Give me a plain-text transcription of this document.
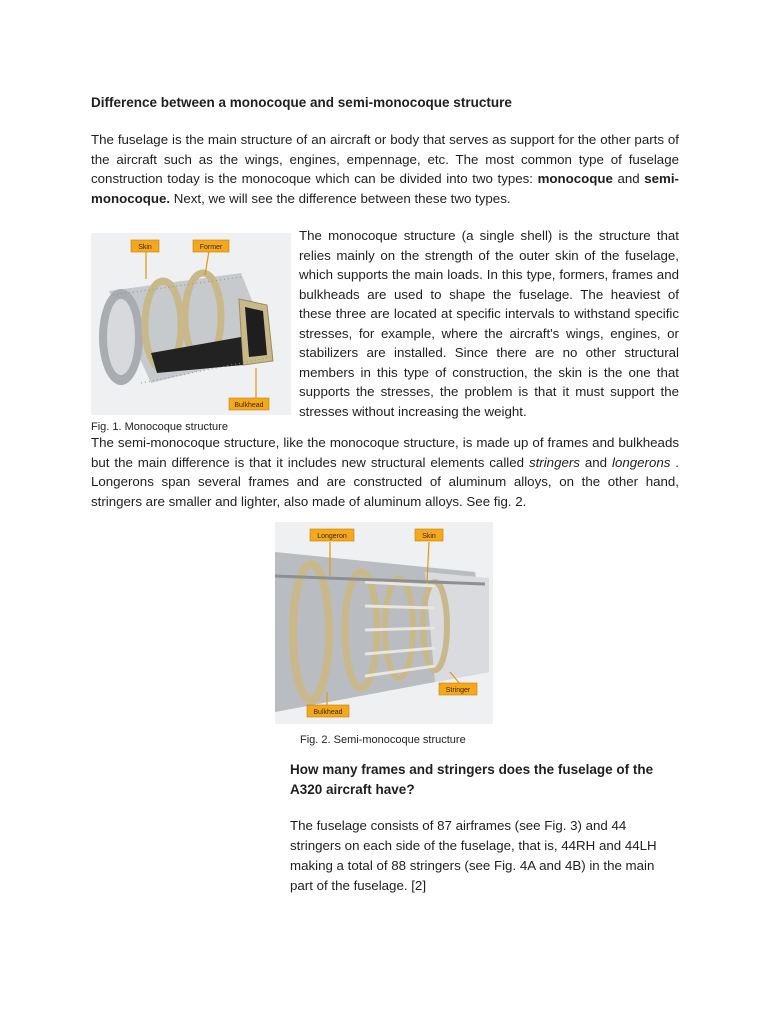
Difference between a monocoque and semi-monocoque structure

The fuselage is the main structure of an aircraft or body that serves as support for the other parts of the aircraft such as the wings, engines, empennage, etc. The most common type of fuselage construction today is the monocoque which can be divided into two types: monocoque and semi-monocoque. Next, we will see the difference between these two types.

Skin	Former
Bulkhead

The monocoque structure (a single shell) is the structure that relies mainly on the strength of the outer skin of the fuselage, which supports the main loads. In this type, formers, frames and bulkheads are used to shape the fuselage. The heaviest of these three are located at specific intervals to withstand specific stresses, for example, where the aircraft's wings, engines, or stabilizers are installed. Since there are no other structural members in this type of construction, the skin is the one that supports the stresses, the problem is that it must support the stresses without increasing the weight.

Fig. 1. Monocoque structure

The semi-monocoque structure, like the monocoque structure, is made up of frames and bulkheads but the main difference is that it includes new structural elements called stringers and longerons . Longerons span several frames and are constructed of aluminum alloys, on the other hand, stringers are smaller and lighter, also made of aluminum alloys. See fig. 2.

Longeron	Skin
Stringer
Bulkhead

Fig. 2. Semi-monocoque structure

How many frames and stringers does the fuselage of the A320 aircraft have?

The fuselage consists of 87 airframes (see Fig. 3) and 44 stringers on each side of the fuselage, that is, 44RH and 44LH making a total of 88 stringers (see Fig. 4A and 4B) in the main part of the fuselage. [2]
